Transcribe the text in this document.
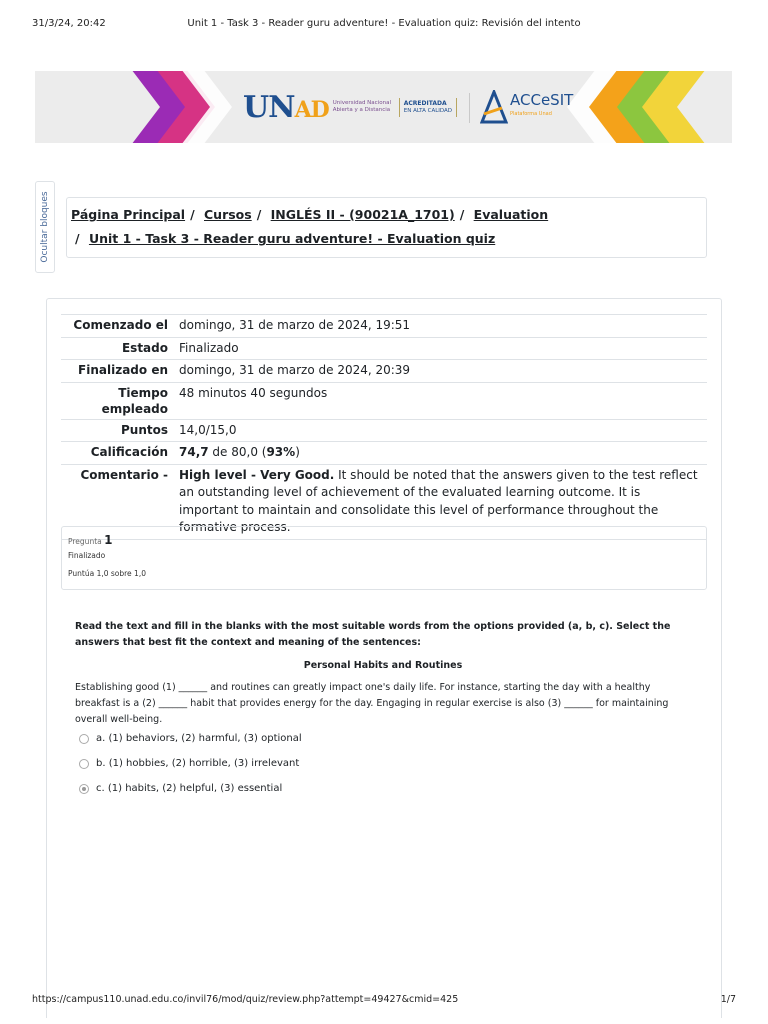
31/3/24, 20:42	Unit 1 - Task 3 - Reader guru adventure! - Evaluation quiz: Revisión del intento
UNAD Universidad Nacional
Abierta y a Distancia
ACREDITADA
EN ALTA CALIDAD
ACCeSIT
Plataforma Unad
Ocultar bloques Página Principal / Cursos / INGLÉS II - (90021A_1701) / Evaluation
/ Unit 1 - Task 3 - Reader guru adventure! - Evaluation quiz
Comenzado el	domingo, 31 de marzo de 2024, 19:51
Estado	Finalizado
Finalizado en	domingo, 31 de marzo de 2024, 20:39
Tiempo empleado	48 minutos 40 segundos
Puntos	14,0/15,0
Calificación	74,7 de 80,0 (93%)
Comentario -	High level - Very Good. It should be noted that the answers given to the test reflect an outstanding level of achievement of the evaluated learning outcome. It is important to maintain and consolidate this level of performance throughout the formative process.
Pregunta 1
Finalizado
Puntúa 1,0 sobre 1,0
Read the text and fill in the blanks with the most suitable words from the options provided (a, b, c). Select the answers that best fit the context and meaning of the sentences:
Personal Habits and Routines
Establishing good (1) ______ and routines can greatly impact one's daily life. For instance, starting the day with a healthy breakfast is a (2) ______ habit that provides energy for the day. Engaging in regular exercise is also (3) ______ for maintaining overall well-being.
a. (1) behaviors, (2) harmful, (3) optional
b. (1) hobbies, (2) horrible, (3) irrelevant
c. (1) habits, (2) helpful, (3) essential
https://campus110.unad.edu.co/invil76/mod/quiz/review.php?attempt=49427&cmid=425	1/7
